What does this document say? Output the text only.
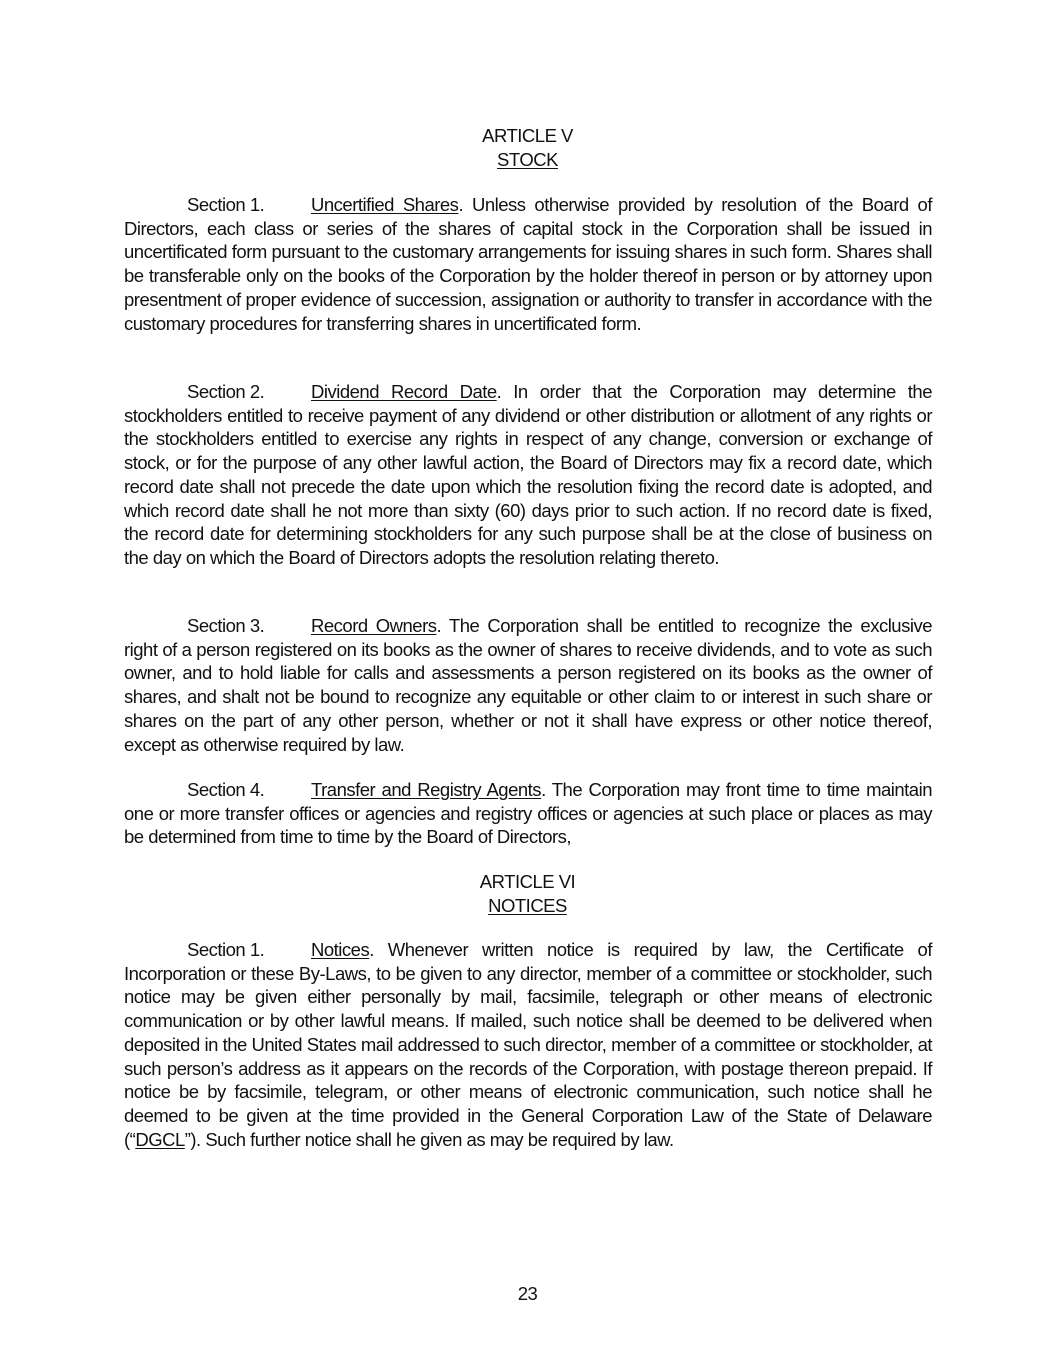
ARTICLE V
STOCK

Section 1.	Uncertified Shares. Unless otherwise provided by resolution of the Board of Directors, each class or series of the shares of capital stock in the Corporation shall be issued in uncertificated form pursuant to the customary arrangements for issuing shares in such form. Shares shall be transferable only on the books of the Corporation by the holder thereof in person or by attorney upon presentment of proper evidence of succession, assignation or authority to transfer in accordance with the customary procedures for transferring shares in uncertificated form.

Section 2.	Dividend Record Date. In order that the Corporation may determine the stockholders entitled to receive payment of any dividend or other distribution or allotment of any rights or the stockholders entitled to exercise any rights in respect of any change, conversion or exchange of stock, or for the purpose of any other lawful action, the Board of Directors may fix a record date, which record date shall not precede the date upon which the resolution fixing the record date is adopted, and which record date shall he not more than sixty (60) days prior to such action. If no record date is fixed, the record date for determining stockholders for any such purpose shall be at the close of business on the day on which the Board of Directors adopts the resolution relating thereto.

Section 3.	Record Owners. The Corporation shall be entitled to recognize the exclusive right of a person registered on its books as the owner of shares to receive dividends, and to vote as such owner, and to hold liable for calls and assessments a person registered on its books as the owner of shares, and shalt not be bound to recognize any equitable or other claim to or interest in such share or shares on the part of any other person, whether or not it shall have express or other notice thereof, except as otherwise required by law.

Section 4.	Transfer and Registry Agents. The Corporation may front time to time maintain one or more transfer offices or agencies and registry offices or agencies at such place or places as may be determined from time to time by the Board of Directors,

ARTICLE VI
NOTICES

Section 1.	Notices. Whenever written notice is required by law, the Certificate of Incorporation or these By-Laws, to be given to any director, member of a committee or stockholder, such notice may be given either personally by mail, facsimile, telegraph or other means of electronic communication or by other lawful means. If mailed, such notice shall be deemed to be delivered when deposited in the United States mail addressed to such director, member of a committee or stockholder, at such person’s address as it appears on the records of the Corporation, with postage thereon prepaid. If notice be by facsimile, telegram, or other means of electronic communication, such notice shall he deemed to be given at the time provided in the General Corporation Law of the State of Delaware (“DGCL”). Such further notice shall he given as may be required by law.

23
